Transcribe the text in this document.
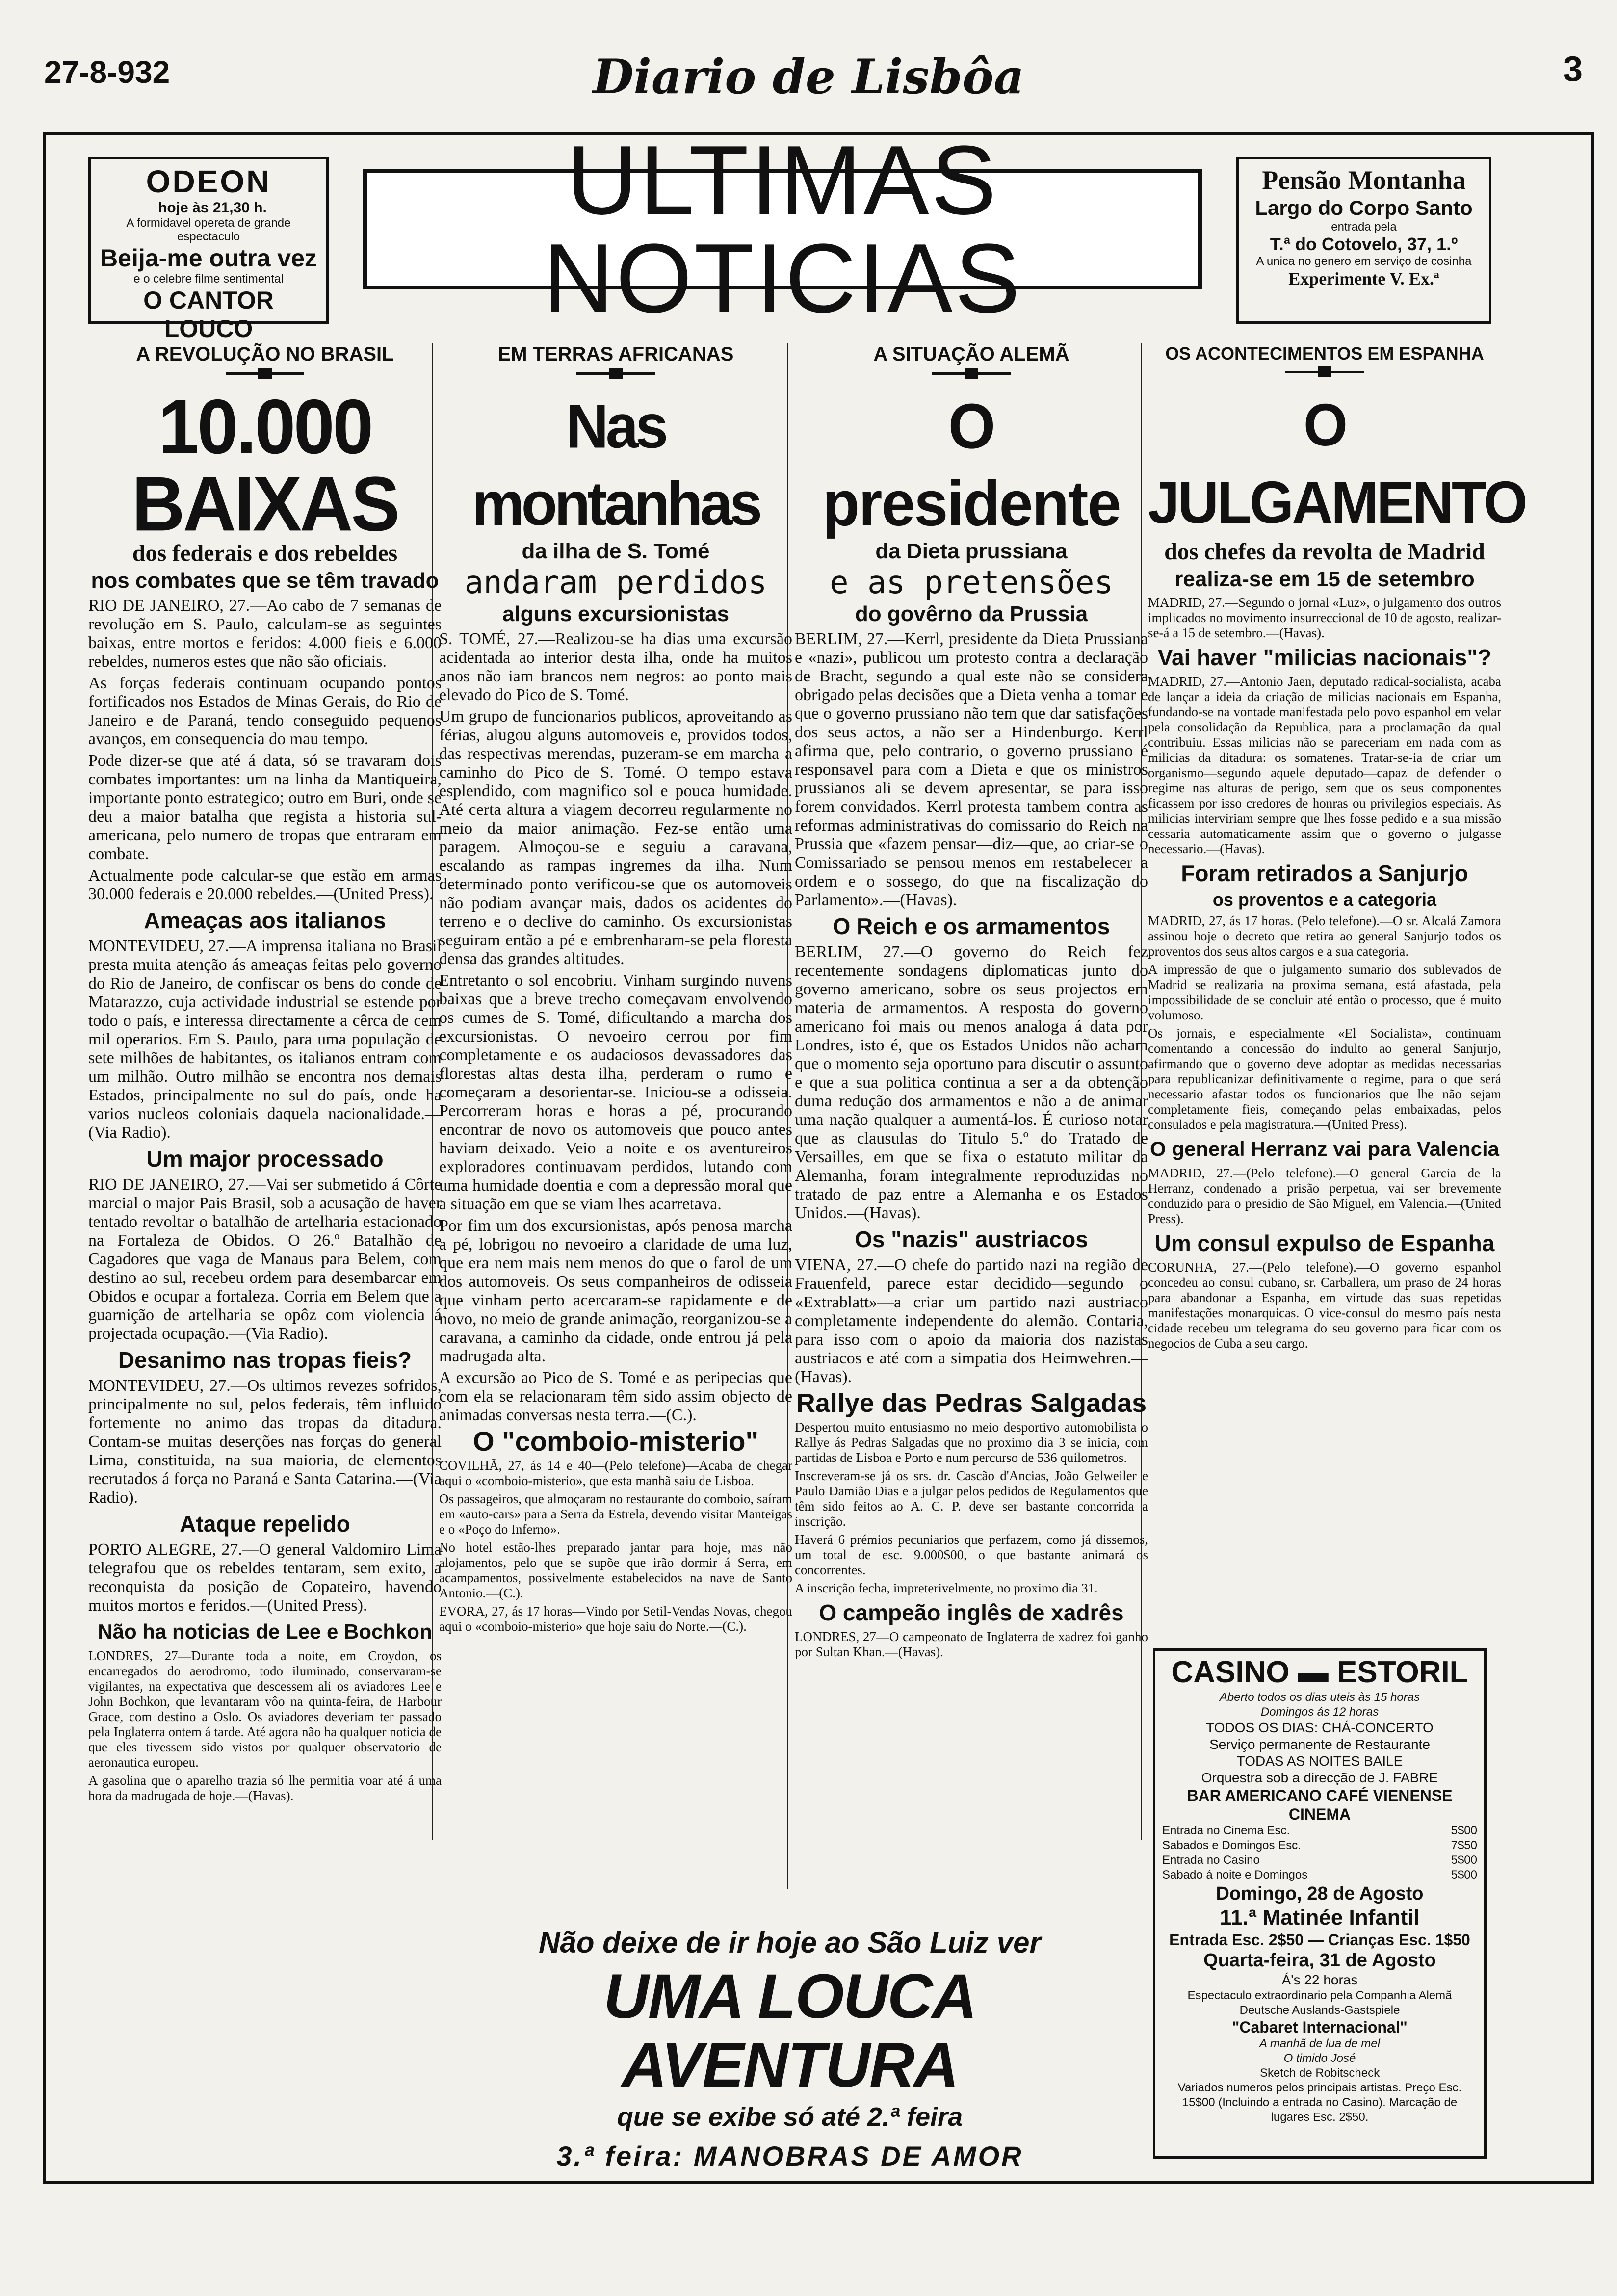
27-8-932	Diario de Lisbôa	3
ODEONhoje às 21,30 h.
A formidavel opereta de grande espectaculo
Beija-me outra vez
e o celebre filme sentimental
O CANTOR LOUCO
ULTIMAS NOTICIAS
Pensão Montanha
Largo do Corpo Santo
entrada pela
T.ª do Cotovelo, 37, 1.º
A unica no genero em serviço de cosinha
Experimente V. Ex.ª
A REVOLUÇÃO NO BRASIL
10.000 BAIXAS
dos federais e dos rebeldes
nos combates que se têm travado

RIO DE JANEIRO, 27.—Ao cabo de 7 semanas de revolução em S. Paulo, calculam-se as seguintes baixas, entre mortos e feridos: 4.000 fieis e 6.000 rebeldes, numeros estes que não são oficiais.

As forças federais continuam ocupando pontos fortificados nos Estados de Minas Gerais, do Rio de Janeiro e de Paraná, tendo conseguido pequenos avanços, em consequencia do mau tempo.

Pode dizer-se que até á data, só se travaram dois combates importantes: um na linha da Mantiqueira, importante ponto estrategico; outro em Buri, onde se deu a maior batalha que regista a historia sul-americana, pelo numero de tropas que entraram em combate.

Actualmente pode calcular-se que estão em armas 30.000 federais e 20.000 rebeldes.—(United Press).

Ameaças aos italianos

MONTEVIDEU, 27.—A imprensa italiana no Brasil presta muita atenção ás ameaças feitas pelo governo do Rio de Janeiro, de confiscar os bens do conde de Matarazzo, cuja actividade industrial se estende por todo o país, e interessa directamente a cêrca de cem mil operarios. Em S. Paulo, para uma população de sete milhões de habitantes, os italianos entram com um milhão. Outro milhão se encontra nos demais Estados, principalmente no sul do país, onde ha varios nucleos coloniais daquela nacionalidade.—(Via Radio).

Um major processado

RIO DE JANEIRO, 27.—Vai ser submetido á Côrte marcial o major Pais Brasil, sob a acusação de haver tentado revoltar o batalhão de artelharia estacionado na Fortaleza de Obidos. O 26.º Batalhão de Cagadores que vaga de Manaus para Belem, com destino ao sul, recebeu ordem para desembarcar em Obidos e ocupar a fortaleza. Corria em Belem que a guarnição de artelharia se opôz com violencia á projectada ocupação.—(Via Radio).

Desanimo nas tropas fieis?

MONTEVIDEU, 27.—Os ultimos revezes sofridos, principalmente no sul, pelos federais, têm influido fortemente no animo das tropas da ditadura. Contam-se muitas deserções nas forças do general Lima, constituida, na sua maioria, de elementos recrutados á força no Paraná e Santa Catarina.—(Via Radio).

Ataque repelido

PORTO ALEGRE, 27.—O general Valdomiro Lima telegrafou que os rebeldes tentaram, sem exito, a reconquista da posição de Copateiro, havendo muitos mortos e feridos.—(United Press).

Não ha noticias de Lee e Bochkon

LONDRES, 27—Durante toda a noite, em Croydon, os encarregados do aerodromo, todo iluminado, conservaram-se vigilantes, na expectativa que descessem ali os aviadores Lee e John Bochkon, que levantaram vôo na quinta-feira, de Harbour Grace, com destino a Oslo. Os aviadores deveriam ter passado pela Inglaterra ontem á tarde. Até agora não ha qualquer noticia de que eles tivessem sido vistos por qualquer observatorio de aeronautica europeu.

A gasolina que o aparelho trazia só lhe permitia voar até á uma hora da madrugada de hoje.—(Havas).

EM TERRAS AFRICANAS
Nas montanhas
da ilha de S. Tomé
andaram perdidos
alguns excursionistas

S. TOMÉ, 27.—Realizou-se ha dias uma excursão acidentada ao interior desta ilha, onde ha muitos anos não iam brancos nem negros: ao ponto mais elevado do Pico de S. Tomé.

Um grupo de funcionarios publicos, aproveitando as férias, alugou alguns automoveis e, providos todos, das respectivas merendas, puzeram-se em marcha a caminho do Pico de S. Tomé. O tempo estava esplendido, com magnifico sol e pouca humidade. Até certa altura a viagem decorreu regularmente no meio da maior animação. Fez-se então uma paragem. Almoçou-se e seguiu a caravana, escalando as rampas ingremes da ilha. Num determinado ponto verificou-se que os automoveis não podiam avançar mais, dados os acidentes do terreno e o declive do caminho. Os excursionistas seguiram então a pé e embrenharam-se pela floresta densa das grandes altitudes.

Entretanto o sol encobriu. Vinham surgindo nuvens baixas que a breve trecho começavam envolvendo os cumes de S. Tomé, dificultando a marcha dos excursionistas. O nevoeiro cerrou por fim completamente e os audaciosos devassadores das florestas altas desta ilha, perderam o rumo e começaram a desorientar-se. Iniciou-se a odisseia. Percorreram horas e horas a pé, procurando encontrar de novo os automoveis que pouco antes haviam deixado. Veio a noite e os aventureiros exploradores continuavam perdidos, lutando com uma humidade doentia e com a depressão moral que a situação em que se viam lhes acarretava.

Por fim um dos excursionistas, após penosa marcha a pé, lobrigou no nevoeiro a claridade de uma luz, que era nem mais nem menos do que o farol de um dos automoveis. Os seus companheiros de odisseia que vinham perto acercaram-se rapidamente e de novo, no meio de grande animação, reorganizou-se a caravana, a caminho da cidade, onde entrou já pela madrugada alta.

A excursão ao Pico de S. Tomé e as peripecias que com ela se relacionaram têm sido assim objecto de animadas conversas nesta terra.—(C.).

O "comboio-misterio"

COVILHÃ, 27, ás 14 e 40—(Pelo telefone)—Acaba de chegar aqui o «comboio-misterio», que esta manhã saiu de Lisboa.

Os passageiros, que almoçaram no restaurante do comboio, saíram em «auto-cars» para a Serra da Estrela, devendo visitar Manteigas e o «Poço do Inferno».

No hotel estão-lhes preparado jantar para hoje, mas não alojamentos, pelo que se supõe que irão dormir á Serra, em acampamentos, possivelmente estabelecidos na nave de Santo Antonio.—(C.).

EVORA, 27, ás 17 horas—Vindo por Setil-Vendas Novas, chegou aqui o «comboio-misterio» que hoje saiu do Norte.—(C.).

A SITUAÇÃO ALEMÃ
O presidente
da Dieta prussiana
e as pretensões
do govêrno da Prussia

BERLIM, 27.—Kerrl, presidente da Dieta Prussiana e «nazi», publicou um protesto contra a declaração de Bracht, segundo a qual este não se considera obrigado pelas decisões que a Dieta venha a tomar e que o governo prussiano não tem que dar satisfações dos seus actos, a não ser a Hindenburgo. Kerrl afirma que, pelo contrario, o governo prussiano é responsavel para com a Dieta e que os ministros prussianos ali se devem apresentar, se para isso forem convidados. Kerrl protesta tambem contra as reformas administrativas do comissario do Reich na Prussia que «fazem pensar—diz—que, ao criar-se o Comissariado se pensou menos em restabelecer a ordem e o sossego, do que na fiscalização do Parlamento».—(Havas).

O Reich e os armamentos

BERLIM, 27.—O governo do Reich fez recentemente sondagens diplomaticas junto do governo americano, sobre os seus projectos em materia de armamentos. A resposta do governo americano foi mais ou menos analoga á data por Londres, isto é, que os Estados Unidos não acham que o momento seja oportuno para discutir o assunto e que a sua politica continua a ser a da obtenção duma redução dos armamentos e não a de animar uma nação qualquer a aumentá-los. É curioso notar que as clausulas do Titulo 5.º do Tratado de Versailles, em que se fixa o estatuto militar da Alemanha, foram integralmente reproduzidas no tratado de paz entre a Alemanha e os Estados Unidos.—(Havas).

Os "nazis" austriacos

VIENA, 27.—O chefe do partido nazi na região de Frauenfeld, parece estar decidido—segundo o «Extrablatt»—a criar um partido nazi austriaco completamente independente do alemão. Contaria, para isso com o apoio da maioria dos nazistas austriacos e até com a simpatia dos Heimwehren.—(Havas).

Rallye das Pedras Salgadas

Despertou muito entusiasmo no meio desportivo automobilista o Rallye ás Pedras Salgadas que no proximo dia 3 se inicia, com partidas de Lisboa e Porto e num percurso de 536 quilometros.

Inscreveram-se já os srs. dr. Cascão d'Ancias, João Gelweiler e Paulo Damião Dias e a julgar pelos pedidos de Regulamentos que têm sido feitos ao A. C. P. deve ser bastante concorrida a inscrição.

Haverá 6 prémios pecuniarios que perfazem, como já dissemos, um total de esc. 9.000$00, o que bastante animará os concorrentes.

A inscrição fecha, impreterivelmente, no proximo dia 31.

O campeão inglês de xadrês

LONDRES, 27—O campeonato de Inglaterra de xadrez foi ganho por Sultan Khan.—(Havas).

OS ACONTECIMENTOS EM ESPANHA
O JULGAMENTO
dos chefes da revolta de Madrid
realiza-se em 15 de setembro

MADRID, 27.—Segundo o jornal «Luz», o julgamento dos outros implicados no movimento insurreccional de 10 de agosto, realizar-se-á a 15 de setembro.—(Havas).

Vai haver "milicias nacionais"?

MADRID, 27.—Antonio Jaen, deputado radical-socialista, acaba de lançar a ideia da criação de milicias nacionais em Espanha, fundando-se na vontade manifestada pelo povo espanhol em velar pela consolidação da Republica, para a proclamação da qual contribuiu. Essas milicias não se pareceriam em nada com as milicias da ditadura: os somatenes. Tratar-se-ia de criar um organismo—segundo aquele deputado—capaz de defender o regime nas alturas de perigo, sem que os seus componentes ficassem por isso credores de honras ou privilegios especiais. As milicias interviriam sempre que lhes fosse pedido e a sua missão cessaria automaticamente assim que o governo o julgasse necessario.—(Havas).

Foram retirados a Sanjurjo
os proventos e a categoria

MADRID, 27, ás 17 horas. (Pelo telefone).—O sr. Alcalá Zamora assinou hoje o decreto que retira ao general Sanjurjo todos os proventos dos seus altos cargos e a sua categoria.

A impressão de que o julgamento sumario dos sublevados de Madrid se realizaria na proxima semana, está afastada, pela impossibilidade de se concluir até então o processo, que é muito volumoso.

Os jornais, e especialmente «El Socialista», continuam comentando a concessão do indulto ao general Sanjurjo, afirmando que o governo deve adoptar as medidas necessarias para republicanizar definitivamente o regime, para o que será necessario afastar todos os funcionarios que lhe não sejam completamente fieis, começando pelas embaixadas, pelos consulados e pela magistratura.—(United Press).

O general Herranz vai para Valencia

MADRID, 27.—(Pelo telefone).—O general Garcia de la Herranz, condenado a prisão perpetua, vai ser brevemente conduzido para o presidio de São Miguel, em Valencia.—(United Press).

Um consul expulso de Espanha

CORUNHA, 27.—(Pelo telefone).—O governo espanhol concedeu ao consul cubano, sr. Carballera, um praso de 24 horas para abandonar a Espanha, em virtude das suas repetidas manifestações monarquicas. O vice-consul do mesmo país nesta cidade recebeu um telegrama do seu governo para ficar com os negocios de Cuba a seu cargo.

CASINO ▬ ESTORIL
Aberto todos os dias uteis às 15 horas
Domingos ás 12 horas
TODOS OS DIAS: CHÁ-CONCERTO
Serviço permanente de Restaurante
TODAS AS NOITES BAILE
Orquestra sob a direcção de J. FABRE
BAR AMERICANO CAFÉ VIENENSE
CINEMA
Entrada no Cinema Esc.	5$00
Sabados e Domingos Esc.	7$50
Entrada no Casino	5$00
Sabado á noite e Domingos	5$00
Domingo, 28 de Agosto
11.ª Matinée Infantil
Entrada Esc. 2$50 — Crianças Esc. 1$50
Quarta-feira, 31 de Agosto
Á's 22 horas
Espectaculo extraordinario pela Companhia Alemã Deutsche Auslands-Gastspiele
"Cabaret Internacional"
A manhã de lua de mel
O timido José
Sketch de Robitscheck
Variados numeros pelos principais artistas. Preço Esc. 15$00 (Incluindo a entrada no Casino). Marcação de lugares Esc. 2$50.
Não deixe de ir hoje ao São Luiz ver
UMA LOUCA AVENTURA
que se exibe só até 2.ª feira
3.ª feira: MANOBRAS DE AMOR
